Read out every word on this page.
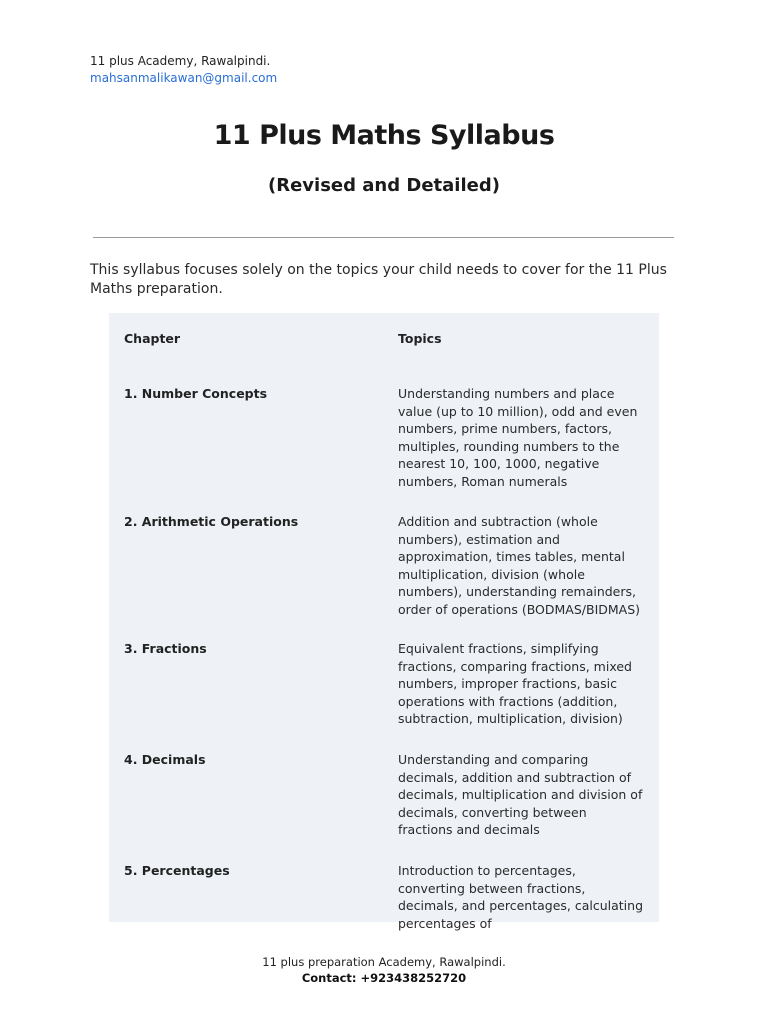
11 plus Academy, Rawalpindi.
mahsanmalikawan@gmail.com
11 Plus Maths Syllabus
(Revised and Detailed)
This syllabus focuses solely on the topics your child needs to cover for the 11 Plus Maths preparation.
Chapter	Topics
1. Number Concepts	Understanding numbers and place value (up to 10 million), odd and even numbers, prime numbers, factors, multiples, rounding numbers to the nearest 10, 100, 1000, negative numbers, Roman numerals
2. Arithmetic Operations	Addition and subtraction (whole numbers), estimation and approximation, times tables, mental multiplication, division (whole numbers), understanding remainders, order of operations (BODMAS/BIDMAS)
3. Fractions	Equivalent fractions, simplifying fractions, comparing fractions, mixed numbers, improper fractions, basic operations with fractions (addition, subtraction, multiplication, division)
4. Decimals	Understanding and comparing decimals, addition and subtraction of decimals, multiplication and division of decimals, converting between fractions and decimals
5. Percentages	Introduction to percentages, converting between fractions, decimals, and percentages, calculating percentages of
11 plus preparation Academy, Rawalpindi.
Contact: +923438252720
